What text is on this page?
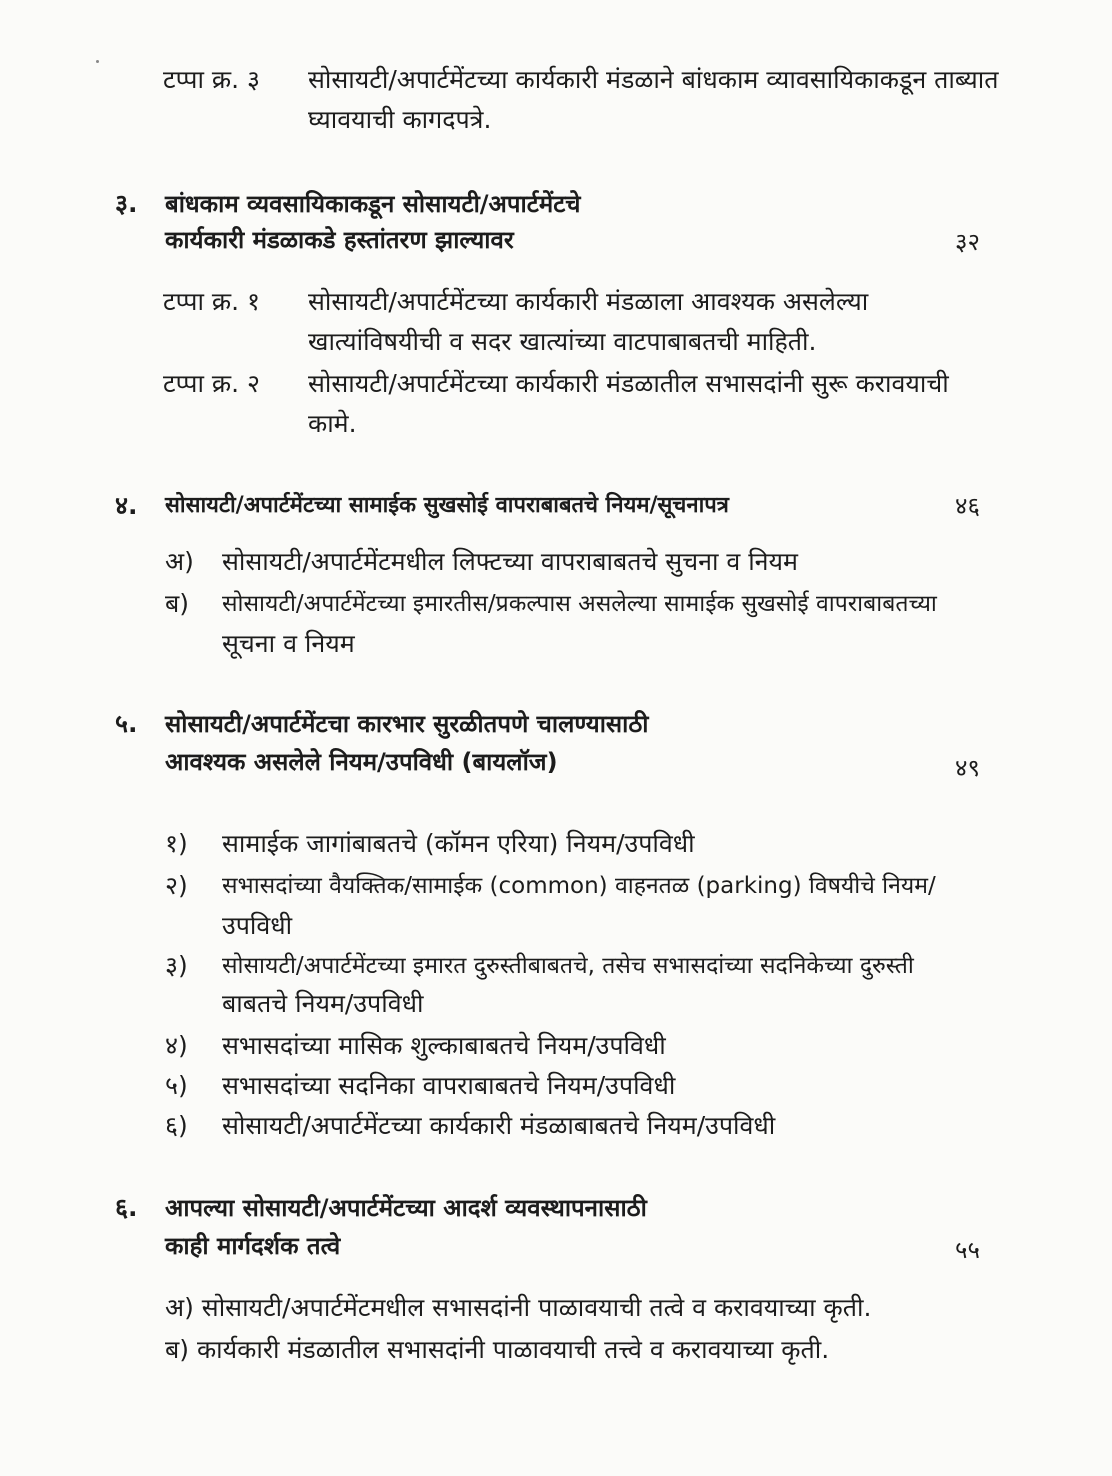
टप्पा क्र. ३ सोसायटी/अपार्टमेंटच्या कार्यकारी मंडळाने बांधकाम व्यावसायिकाकडून ताब्यात
घ्यावयाची कागदपत्रे.
३. बांधकाम व्यवसायिकाकडून सोसायटी/अपार्टमेंटचे
कार्यकारी मंडळाकडे हस्तांतरण झाल्यावर	३२
टप्पा क्र. १ सोसायटी/अपार्टमेंटच्या कार्यकारी मंडळाला आवश्यक असलेल्या
खात्यांविषयीची व सदर खात्यांच्या वाटपाबाबतची माहिती.
टप्पा क्र. २ सोसायटी/अपार्टमेंटच्या कार्यकारी मंडळातील सभासदांनी सुरू करावयाची
कामे.
४. सोसायटी/अपार्टमेंटच्या सामाईक सुखसोई वापराबाबतचे नियम/सूचनापत्र	४६
अ) सोसायटी/अपार्टमेंटमधील लिफ्टच्या वापराबाबतचे सुचना व नियम
ब) सोसायटी/अपार्टमेंटच्या इमारतीस/प्रकल्पास असलेल्या सामाईक सुखसोई वापराबाबतच्या
सूचना व नियम
५. सोसायटी/अपार्टमेंटचा कारभार सुरळीतपणे चालण्यासाठी
आवश्यक असलेले नियम/उपविधी (बायलॉज)	४९
१) सामाईक जागांबाबतचे (कॉमन एरिया) नियम/उपविधी
२) सभासदांच्या वैयक्तिक/सामाईक (common) वाहनतळ (parking) विषयीचे नियम/
उपविधी
३) सोसायटी/अपार्टमेंटच्या इमारत दुरुस्तीबाबतचे, तसेच सभासदांच्या सदनिकेच्या दुरुस्ती
बाबतचे नियम/उपविधी
४) सभासदांच्या मासिक शुल्काबाबतचे नियम/उपविधी
५) सभासदांच्या सदनिका वापराबाबतचे नियम/उपविधी
६) सोसायटी/अपार्टमेंटच्या कार्यकारी मंडळाबाबतचे नियम/उपविधी
६. आपल्या सोसायटी/अपार्टमेंटच्या आदर्श व्यवस्थापनासाठी
काही मार्गदर्शक तत्वे	५५
अ) सोसायटी/अपार्टमेंटमधील सभासदांनी पाळावयाची तत्वे व करावयाच्या कृती.
ब) कार्यकारी मंडळातील सभासदांनी पाळावयाची तत्त्वे व करावयाच्या कृती.
